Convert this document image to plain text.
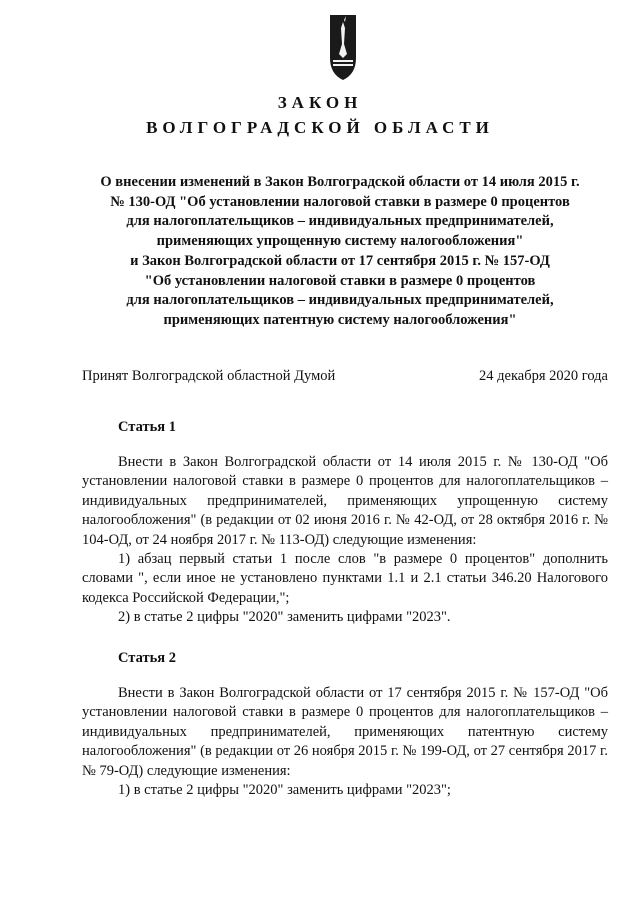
ЗАКОН
ВОЛГОГРАДСКОЙ ОБЛАСТИ
О внесении изменений в Закон Волгоградской области от 14 июля 2015 г.
№ 130-ОД "Об установлении налоговой ставки в размере 0 процентов
для налогоплательщиков – индивидуальных предпринимателей,
применяющих упрощенную систему налогообложения"
и Закон Волгоградской области от 17 сентября 2015 г. № 157-ОД
"Об установлении налоговой ставки в размере 0 процентов
для налогоплательщиков – индивидуальных предпринимателей,
применяющих патентную систему налогообложения"
Принят Волгоградской областной Думой	24 декабря 2020 года
Статья 1

Внести в Закон Волгоградской области от 14 июля 2015 г. № 130-ОД "Об установлении налоговой ставки в размере 0 процентов для налогоплательщиков – индивидуальных предпринимателей, применяющих упрощенную систему налогообложения" (в редакции от 02 июня 2016 г. № 42-ОД, от 28 октября 2016 г. № 104-ОД, от 24 ноября 2017 г. № 113-ОД) следующие изменения:

1) абзац первый статьи 1 после слов "в размере 0 процентов" дополнить словами ", если иное не установлено пунктами 1.1 и 2.1 статьи 346.20 Налогового кодекса Российской Федерации,";

2) в статье 2 цифры "2020" заменить цифрами "2023".

Статья 2

Внести в Закон Волгоградской области от 17 сентября 2015 г. № 157-ОД "Об установлении налоговой ставки в размере 0 процентов для налогоплательщиков – индивидуальных предпринимателей, применяющих патентную систему налогообложения" (в редакции от 26 ноября 2015 г. № 199-ОД, от 27 сентября 2017 г. № 79-ОД) следующие изменения:

1) в статье 2 цифры "2020" заменить цифрами "2023";
